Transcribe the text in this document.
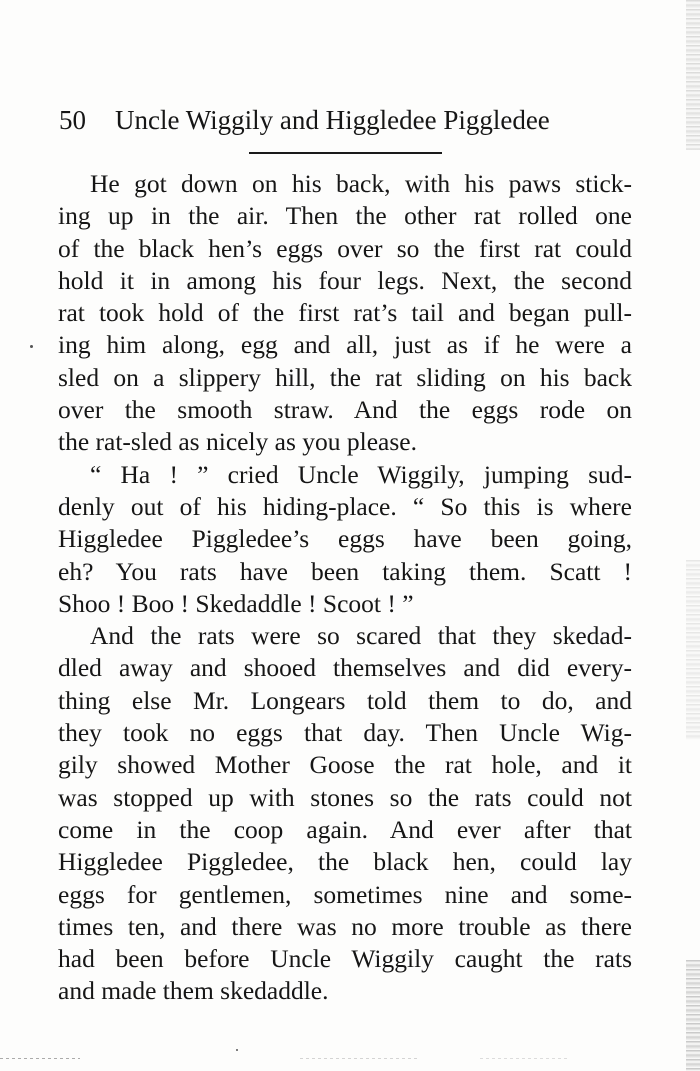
50 Uncle Wiggily and Higgledee Piggledee
He got down on his back, with his paws stick-
ing up in the air. Then the other rat rolled one
of the black hen’s eggs over so the first rat could
hold it in among his four legs. Next, the second
rat took hold of the first rat’s tail and began pull-
ing him along, egg and all, just as if he were a
sled on a slippery hill, the rat sliding on his back
over the smooth straw. And the eggs rode on
the rat-sled as nicely as you please.
“ Ha ! ” cried Uncle Wiggily, jumping sud-
denly out of his hiding-place. “ So this is where
Higgledee Piggledee’s eggs have been going,
eh? You rats have been taking them. Scatt !
Shoo ! Boo ! Skedaddle ! Scoot ! ”
And the rats were so scared that they skedad-
dled away and shooed themselves and did every-
thing else Mr. Longears told them to do, and
they took no eggs that day. Then Uncle Wig-
gily showed Mother Goose the rat hole, and it
was stopped up with stones so the rats could not
come in the coop again. And ever after that
Higgledee Piggledee, the black hen, could lay
eggs for gentlemen, sometimes nine and some-
times ten, and there was no more trouble as there
had been before Uncle Wiggily caught the rats
and made them skedaddle.
